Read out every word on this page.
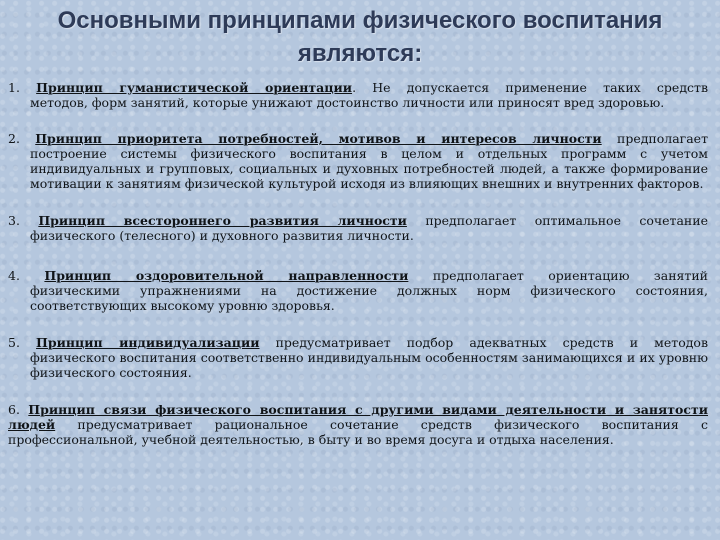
Основными принципами физического воспитания
являются:
1. Принцип гуманистической ориентации. Не допускается применение таких средств
методов, форм занятий, которые унижают достоинство личности или приносят вред здоровью.
2. Принцип приоритета потребностей, мотивов и интересов личности предполагает
построение системы физического воспитания в целом и отдельных программ с учетом индивидуальных и групповых, социальных и духовных потребностей людей, а также формирование мотивации к занятиям физической культурой исходя из влияющих внешних и внутренних факторов.
3. Принцип всестороннего развития личности предполагает оптимальное сочетание
физического (телесного) и духовного развития личности.
4. Принцип оздоровительной направленности предполагает ориентацию занятий
физическими упражнениями на достижение должных норм физического состояния, соответствующих высокому уровню здоровья.
5. Принцип индивидуализации предусматривает подбор адекватных средств и методов
физического воспитания соответственно индивидуальным особенностям занимающихся и их уровню физического состояния.
6. Принцип связи физического воспитания с другими видами деятельности и занятости людей предусматривает рациональное сочетание средств физического воспитания с профессиональной, учебной деятельностью, в быту и во время досуга и отдыха населения.
